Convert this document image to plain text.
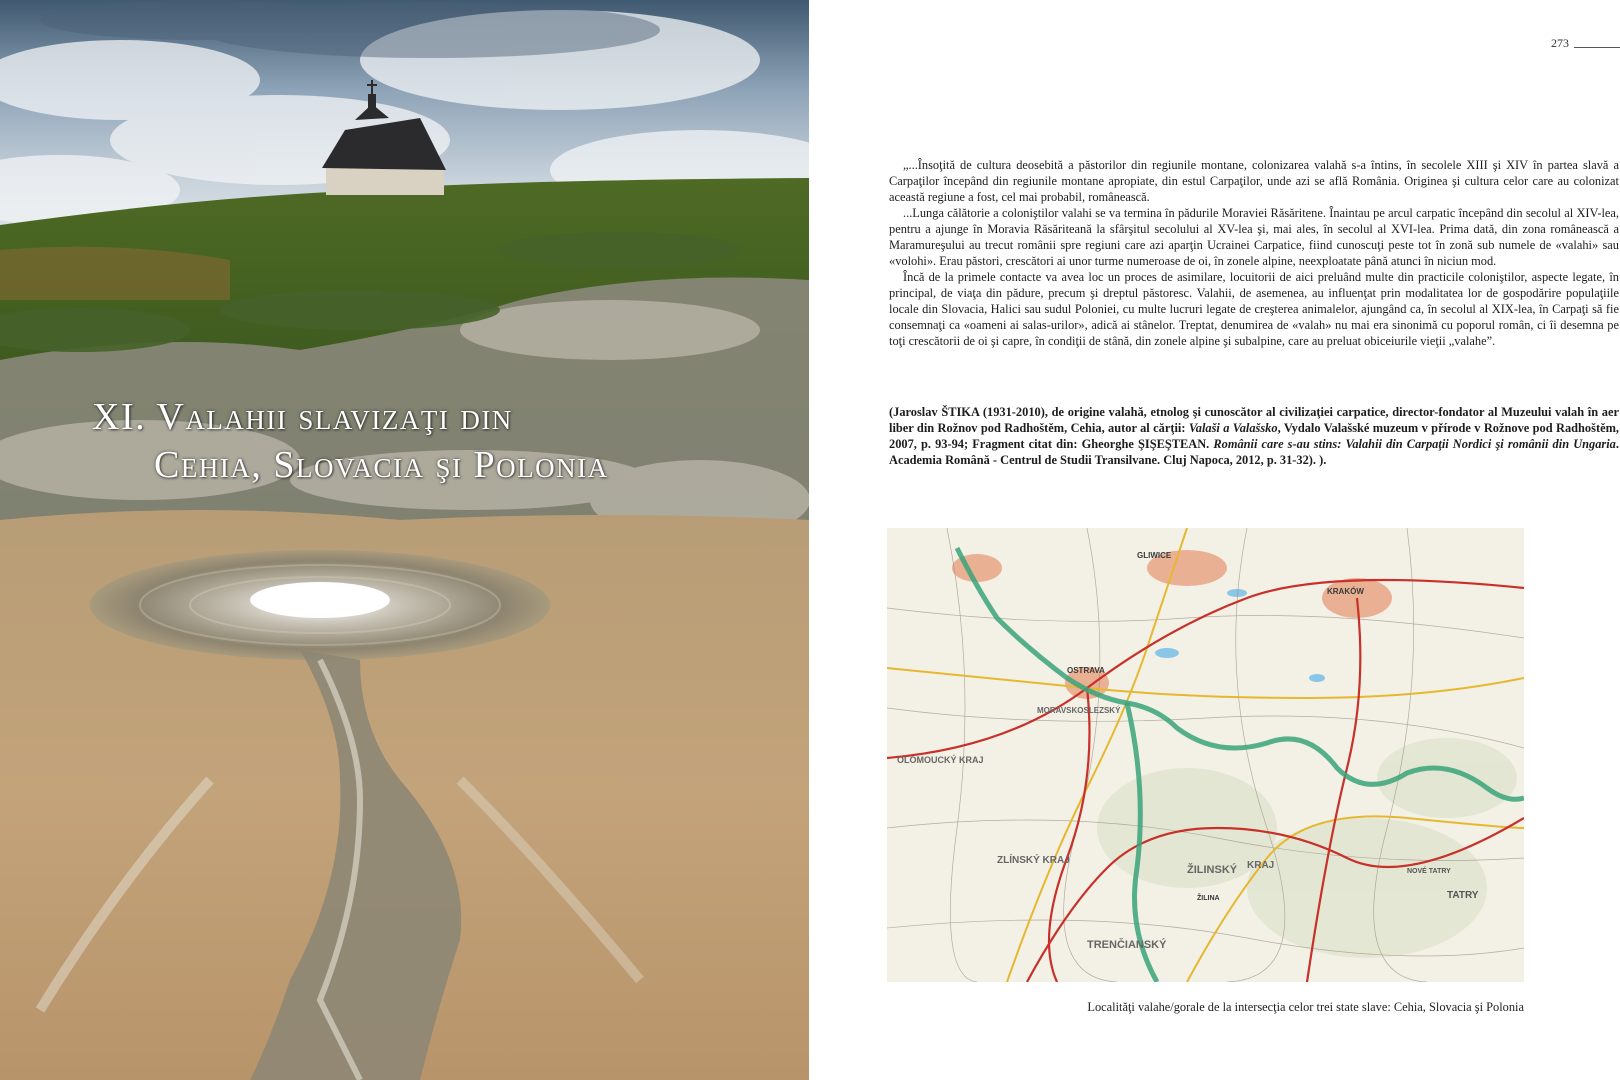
XI. Valahii slavizaţi din
Cehia, Slovacia şi Polonia
273

„...Însoţită de cultura deosebită a păstorilor din regiunile montane, colonizarea valahă s-a întins, în secolele XIII şi XIV în partea slavă a Carpaţilor începând din regiunile montane apropiate, din estul Carpaţilor, unde azi se află România. Originea şi cultura celor care au colonizat această regiune a fost, cel mai probabil, românească.

...Lunga călătorie a coloniştilor valahi se va termina în pădurile Moraviei Răsăritene. Înaintau pe arcul carpatic începând din secolul al XIV-lea, pentru a ajunge în Moravia Răsăriteană la sfârşitul secolului al XV-lea şi, mai ales, în secolul al XVI-lea. Prima dată, din zona românească a Maramureşului au trecut românii spre regiuni care azi aparţin Ucrainei Carpatice, fiind cunoscuţi peste tot în zonă sub numele de «valahi» sau «volohi». Erau păstori, crescători ai unor turme numeroase de oi, în zonele alpine, neexploatate până atunci în niciun mod.

Încă de la primele contacte va avea loc un proces de asimilare, locuitorii de aici preluând multe din practicile coloniştilor, aspecte legate, în principal, de viaţa din pădure, precum şi dreptul păstoresc. Valahii, de asemenea, au influenţat prin modalitatea lor de gospodărire populaţiile locale din Slovacia, Halici sau sudul Poloniei, cu multe lucruri legate de creşterea animalelor, ajungând ca, în secolul al XIX-lea, în Carpaţi să fie consemnaţi ca «oameni ai salas-urilor», adică ai stânelor. Treptat, denumirea de «valah» nu mai era sinonimă cu poporul român, ci îi desemna pe toţi crescătorii de oi şi capre, în condiţii de stână, din zonele alpine şi subalpine, care au preluat obiceiurile vieţii „valahe”.

(Jaroslav ŠTIKA (1931-2010), de origine valahă, etnolog şi cunoscător al civilizaţiei carpatice, director-fondator al Muzeului valah în aer liber din Rožnov pod Radhoštěm, Cehia, autor al cărţii: Valaši a Valašsko, Vydalo Valašské muzeum v přírode v Rožnove pod Radhoštěm, 2007, p. 93-94; Fragment citat din: Gheorghe ŞIŞEŞTEAN. Românii care s-au stins: Valahii din Carpaţii Nordici şi românii din Ungaria. Academia Română - Centrul de Studii Transilvane. Cluj Napoca, 2012, p. 31-32). ).

GLIWICE
OSTRAVA
ZLÍNSKÝ KRAJ
ŽILINSKÝ
TRENČIANSKÝ
MORAVSKOSLEZSKÝ
OLOMOUCKÝ KRAJ
KRAKÓW
TATRY
KRAJ
NOVÉ TATRY
ŽILINA

Localităţi valahe/gorale de la intersecţia celor trei state slave: Cehia, Slovacia şi Polonia
